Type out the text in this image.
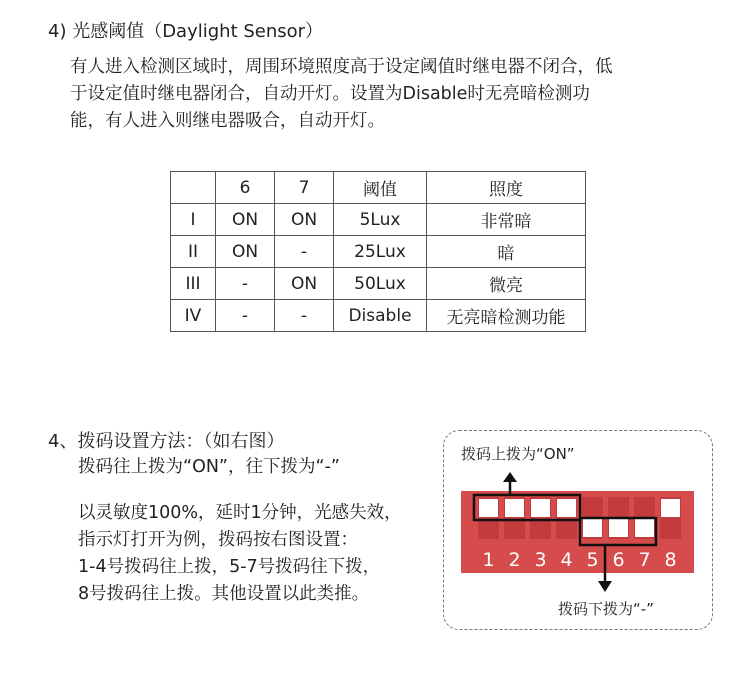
4) 光感阈值（Daylight Sensor）
有人进入检测区域时，周围环境照度高于设定阈值时继电器不闭合，低
于设定值时继电器闭合，自动开灯。设置为Disable时无亮暗检测功
能，有人进入则继电器吸合，自动开灯。
	6	7	阈值	照度
I	ON	ON	5Lux	非常暗
II	ON	-	25Lux	暗
III	-	ON	50Lux	微亮
IV	-	-	Disable	无亮暗检测功能
4、拨码设置方法：（如右图）
拨码往上拨为“ON”，往下拨为“-”
以灵敏度100%，延时1分钟，光感失效，
指示灯打开为例，拨码按右图设置：
1-4号拨码往上拨，5-7号拨码往下拨，
8号拨码往上拨。其他设置以此类推。
拨码上拨为“ON”
拨码下拨为“-”
1 2 3 4 5 6 7 8
